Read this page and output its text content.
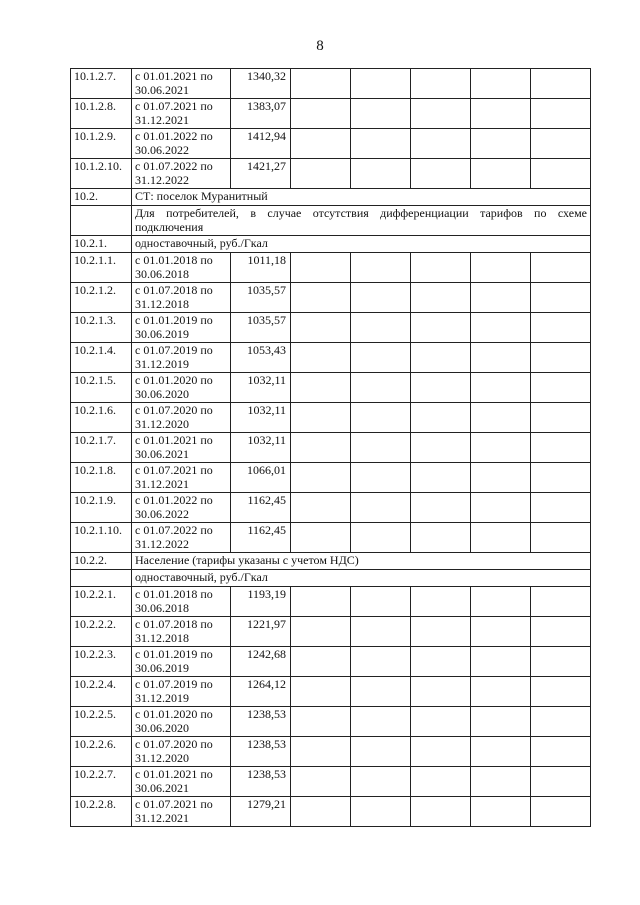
8
10.1.2.7.	с 01.01.2021 по 30.06.2021	1340,32					
10.1.2.8.	с 01.07.2021 по 31.12.2021	1383,07					
10.1.2.9.	с 01.01.2022 по 30.06.2022	1412,94					
10.1.2.10.	с 01.07.2022 по 31.12.2022	1421,27					
10.2.	СТ: поселок Муранитный						
	Для потребителей, в случае отсутствия дифференциации тарифов по схеме подключения						
10.2.1.	одноставочный, руб./Гкал						
10.2.1.1.	с 01.01.2018 по 30.06.2018	1011,18					
10.2.1.2.	с 01.07.2018 по 31.12.2018	1035,57					
10.2.1.3.	с 01.01.2019 по 30.06.2019	1035,57					
10.2.1.4.	с 01.07.2019 по 31.12.2019	1053,43					
10.2.1.5.	с 01.01.2020 по 30.06.2020	1032,11					
10.2.1.6.	с 01.07.2020 по 31.12.2020	1032,11					
10.2.1.7.	с 01.01.2021 по 30.06.2021	1032,11					
10.2.1.8.	с 01.07.2021 по 31.12.2021	1066,01					
10.2.1.9.	с 01.01.2022 по 30.06.2022	1162,45					
10.2.1.10.	с 01.07.2022 по 31.12.2022	1162,45					
10.2.2.	Население (тарифы указаны с учетом НДС)						
	одноставочный, руб./Гкал						
10.2.2.1.	с 01.01.2018 по 30.06.2018	1193,19					
10.2.2.2.	с 01.07.2018 по 31.12.2018	1221,97					
10.2.2.3.	с 01.01.2019 по 30.06.2019	1242,68					
10.2.2.4.	с 01.07.2019 по 31.12.2019	1264,12					
10.2.2.5.	с 01.01.2020 по 30.06.2020	1238,53					
10.2.2.6.	с 01.07.2020 по 31.12.2020	1238,53					
10.2.2.7.	с 01.01.2021 по 30.06.2021	1238,53					
10.2.2.8.	с 01.07.2021 по 31.12.2021	1279,21					
